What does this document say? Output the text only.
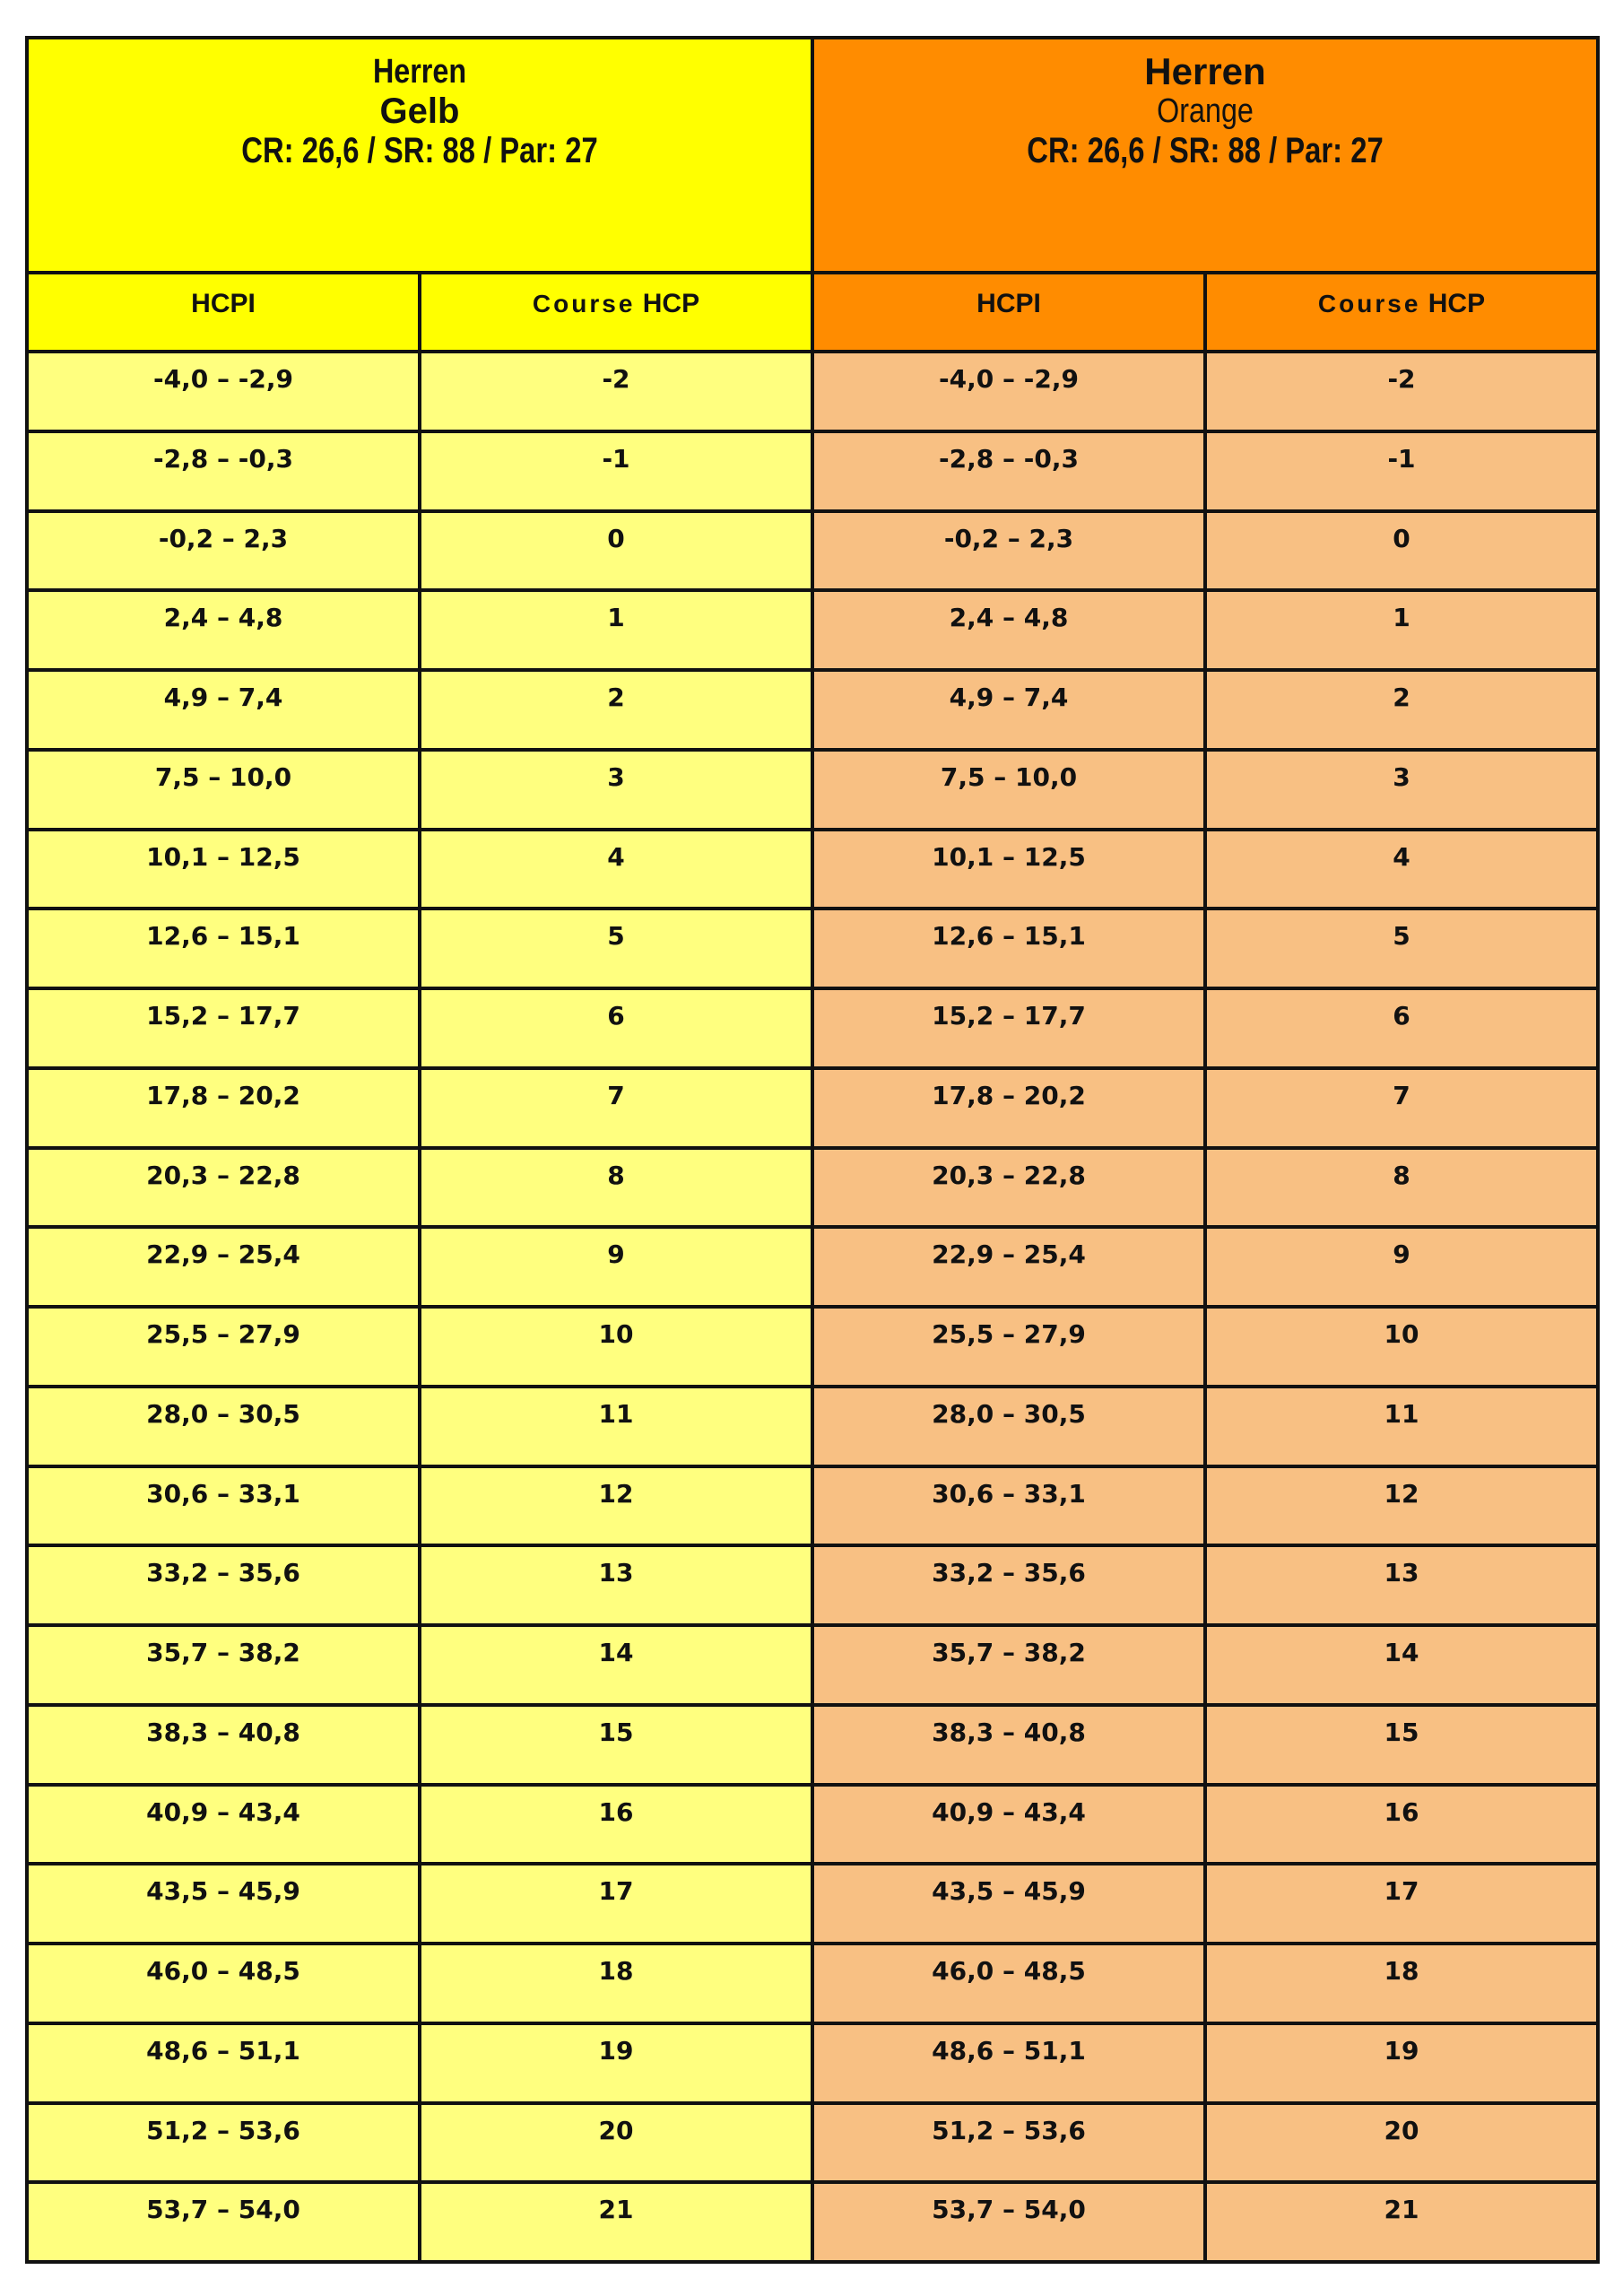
Herren
Gelb
CR: 26,6 / SR: 88 / Par: 27		Herren
Orange
CR: 26,6 / SR: 88 / Par: 27	

HCPI	Course HCP	HCPI	Course HCP
-4,0 – -2,9	-2	-4,0 – -2,9	-2
-2,8 – -0,3	-1	-2,8 – -0,3	-1
-0,2 – 2,3	0	-0,2 – 2,3	0
2,4 – 4,8	1	2,4 – 4,8	1
4,9 – 7,4	2	4,9 – 7,4	2
7,5 – 10,0	3	7,5 – 10,0	3
10,1 – 12,5	4	10,1 – 12,5	4
12,6 – 15,1	5	12,6 – 15,1	5
15,2 – 17,7	6	15,2 – 17,7	6
17,8 – 20,2	7	17,8 – 20,2	7
20,3 – 22,8	8	20,3 – 22,8	8
22,9 – 25,4	9	22,9 – 25,4	9
25,5 – 27,9	10	25,5 – 27,9	10
28,0 – 30,5	11	28,0 – 30,5	11
30,6 – 33,1	12	30,6 – 33,1	12
33,2 – 35,6	13	33,2 – 35,6	13
35,7 – 38,2	14	35,7 – 38,2	14
38,3 – 40,8	15	38,3 – 40,8	15
40,9 – 43,4	16	40,9 – 43,4	16
43,5 – 45,9	17	43,5 – 45,9	17
46,0 – 48,5	18	46,0 – 48,5	18
48,6 – 51,1	19	48,6 – 51,1	19
51,2 – 53,6	20	51,2 – 53,6	20
53,7 – 54,0	21	53,7 – 54,0	21
